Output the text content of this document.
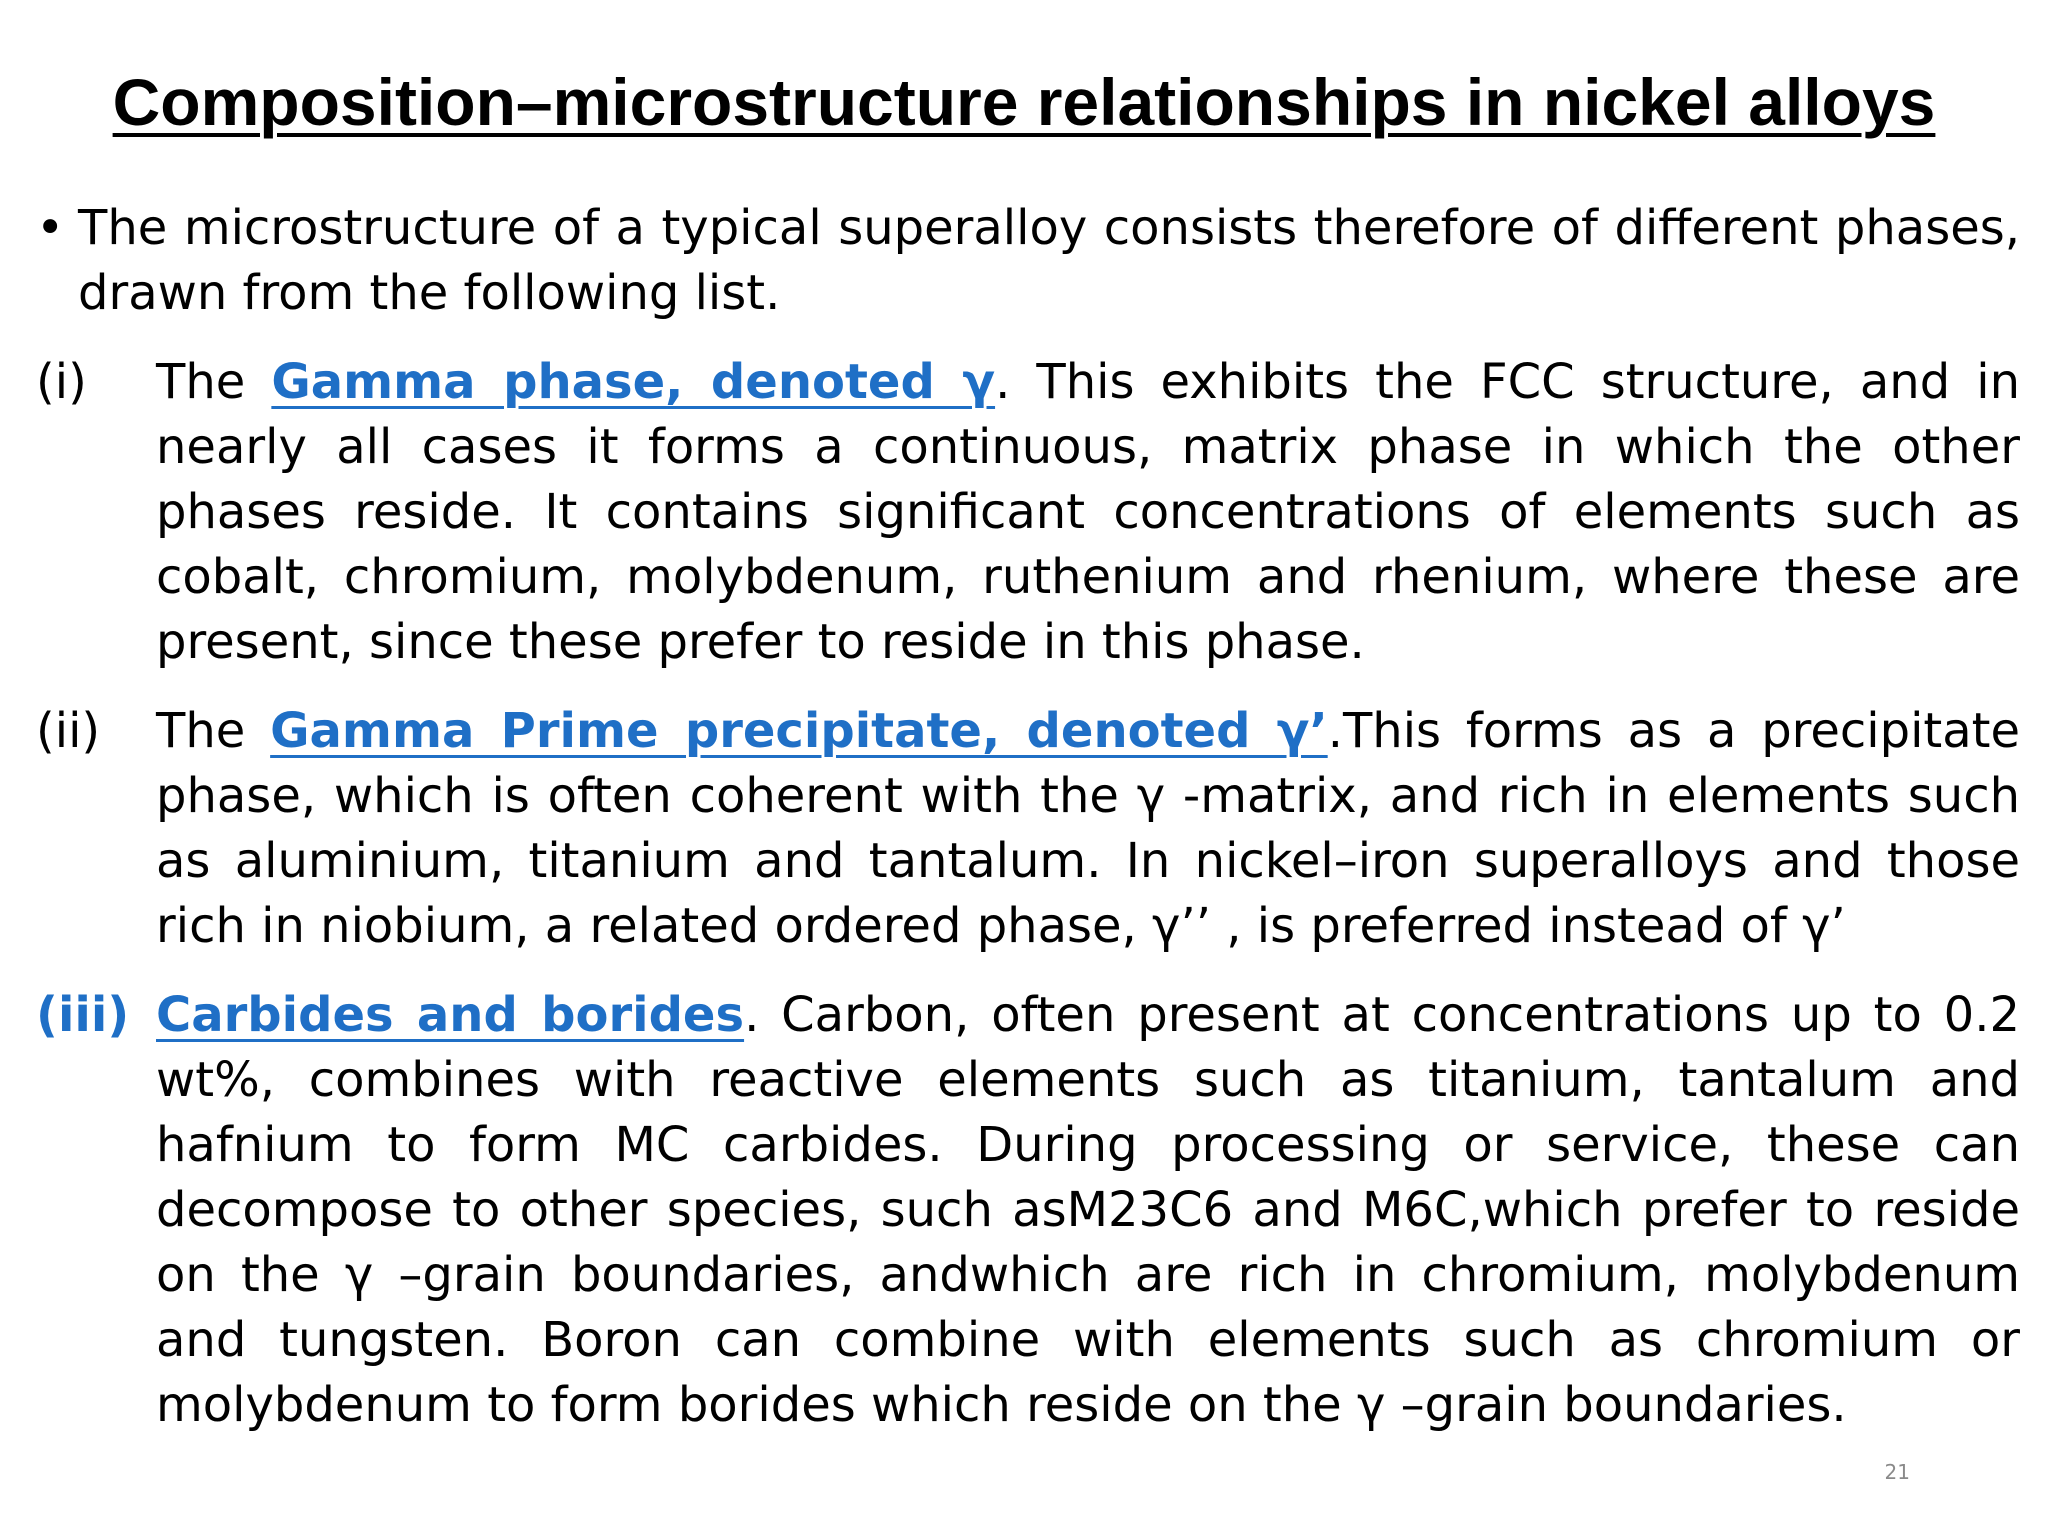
Composition–microstructure relationships in nickel alloys
• The microstructure of a typical superalloy consists therefore of different phases, drawn from the following list.
(i)	The Gamma phase, denoted γ. This exhibits the FCC structure, and in nearly all cases it forms a continuous, matrix phase in which the other phases reside. It contains significant concentrations of elements such as cobalt, chromium, molybdenum, ruthenium and rhenium, where these are present, since these prefer to reside in this phase.
(ii)	The Gamma Prime precipitate, denoted γ’.This forms as a precipitate phase, which is often coherent with the γ -matrix, and rich in elements such as aluminium, titanium and tantalum. In nickel–iron superalloys and those rich in niobium, a related ordered phase, γ’’ , is preferred instead of γ’
(iii) Carbides and borides. Carbon, often present at concentrations up to 0.2 wt%, combines with reactive elements such as titanium, tantalum and hafnium to form MC carbides. During processing or service, these can decompose to other species, such asM23C6 and M6C,which prefer to reside on the γ –grain boundaries, andwhich are rich in chromium, molybdenum and tungsten. Boron can combine with elements such as chromium or molybdenum to form borides which reside on the γ –grain boundaries.
21
